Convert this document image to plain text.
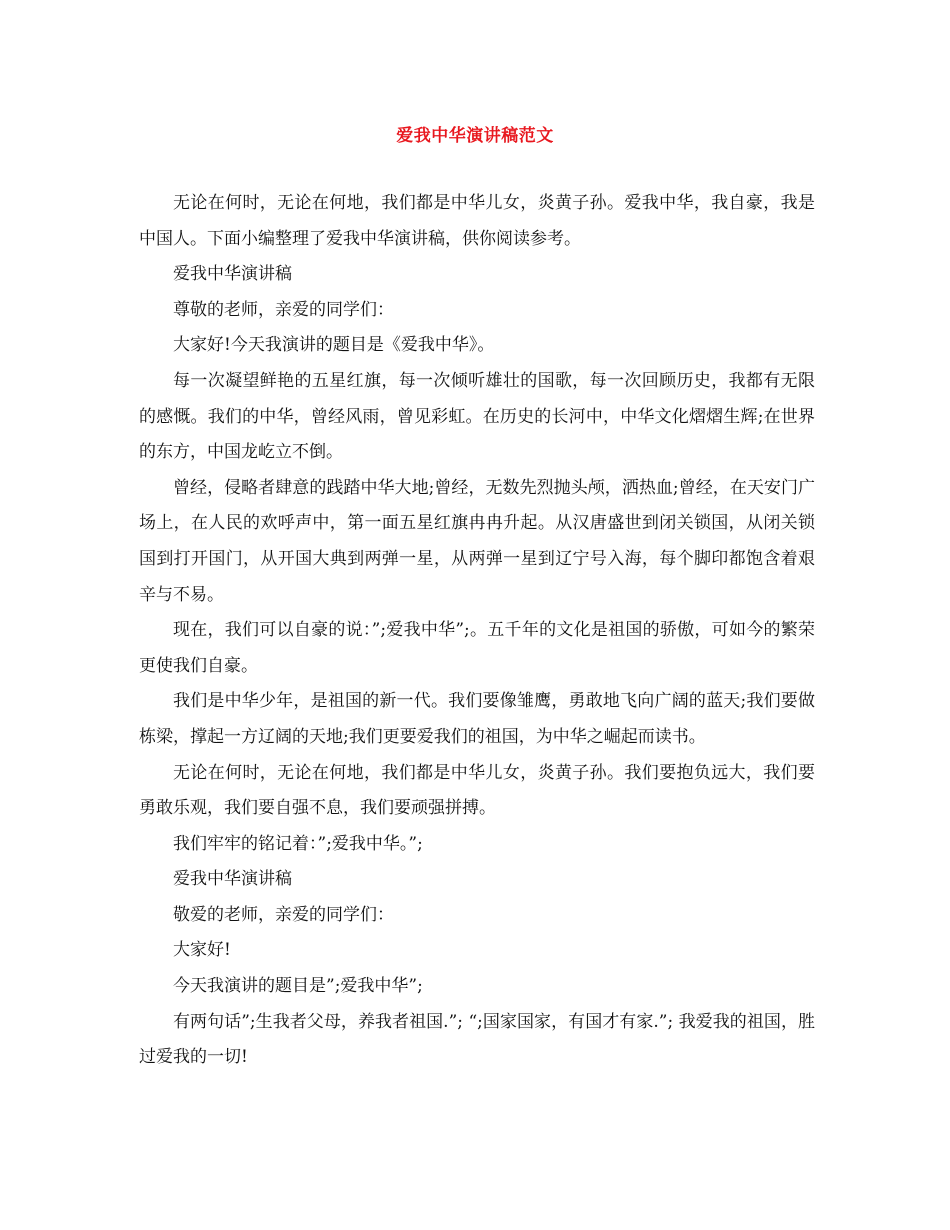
爱我中华演讲稿范文

无论在何时，无论在何地，我们都是中华儿女，炎黄子孙。爱我中华，我自豪，我是中国人。下面小编整理了爱我中华演讲稿，供你阅读参考。

爱我中华演讲稿

尊敬的老师，亲爱的同学们：

大家好!今天我演讲的题目是《爱我中华》。

每一次凝望鲜艳的五星红旗，每一次倾听雄壮的国歌，每一次回顾历史，我都有无限的感慨。我们的中华，曾经风雨，曾见彩虹。在历史的长河中，中华文化熠熠生辉;在世界的东方，中国龙屹立不倒。

曾经，侵略者肆意的践踏中华大地;曾经，无数先烈抛头颅，洒热血;曾经，在天安门广场上，在人民的欢呼声中，第一面五星红旗冉冉升起。从汉唐盛世到闭关锁国，从闭关锁国到打开国门，从开国大典到两弹一星，从两弹一星到辽宁号入海，每个脚印都饱含着艰辛与不易。

现在，我们可以自豪的说：”;爱我中华”;。五千年的文化是祖国的骄傲，可如今的繁荣更使我们自豪。

我们是中华少年，是祖国的新一代。我们要像雏鹰，勇敢地飞向广阔的蓝天;我们要做栋梁，撑起一方辽阔的天地;我们更要爱我们的祖国，为中华之崛起而读书。

无论在何时，无论在何地，我们都是中华儿女，炎黄子孙。我们要抱负远大，我们要勇敢乐观，我们要自强不息，我们要顽强拼搏。

我们牢牢的铭记着：”;爱我中华。”;

爱我中华演讲稿

敬爱的老师，亲爱的同学们：

大家好!

今天我演讲的题目是”;爱我中华”;

有两句话”;生我者父母，养我者祖国.”; “;国家国家，有国才有家.”; 我爱我的祖国，胜过爱我的一切!
